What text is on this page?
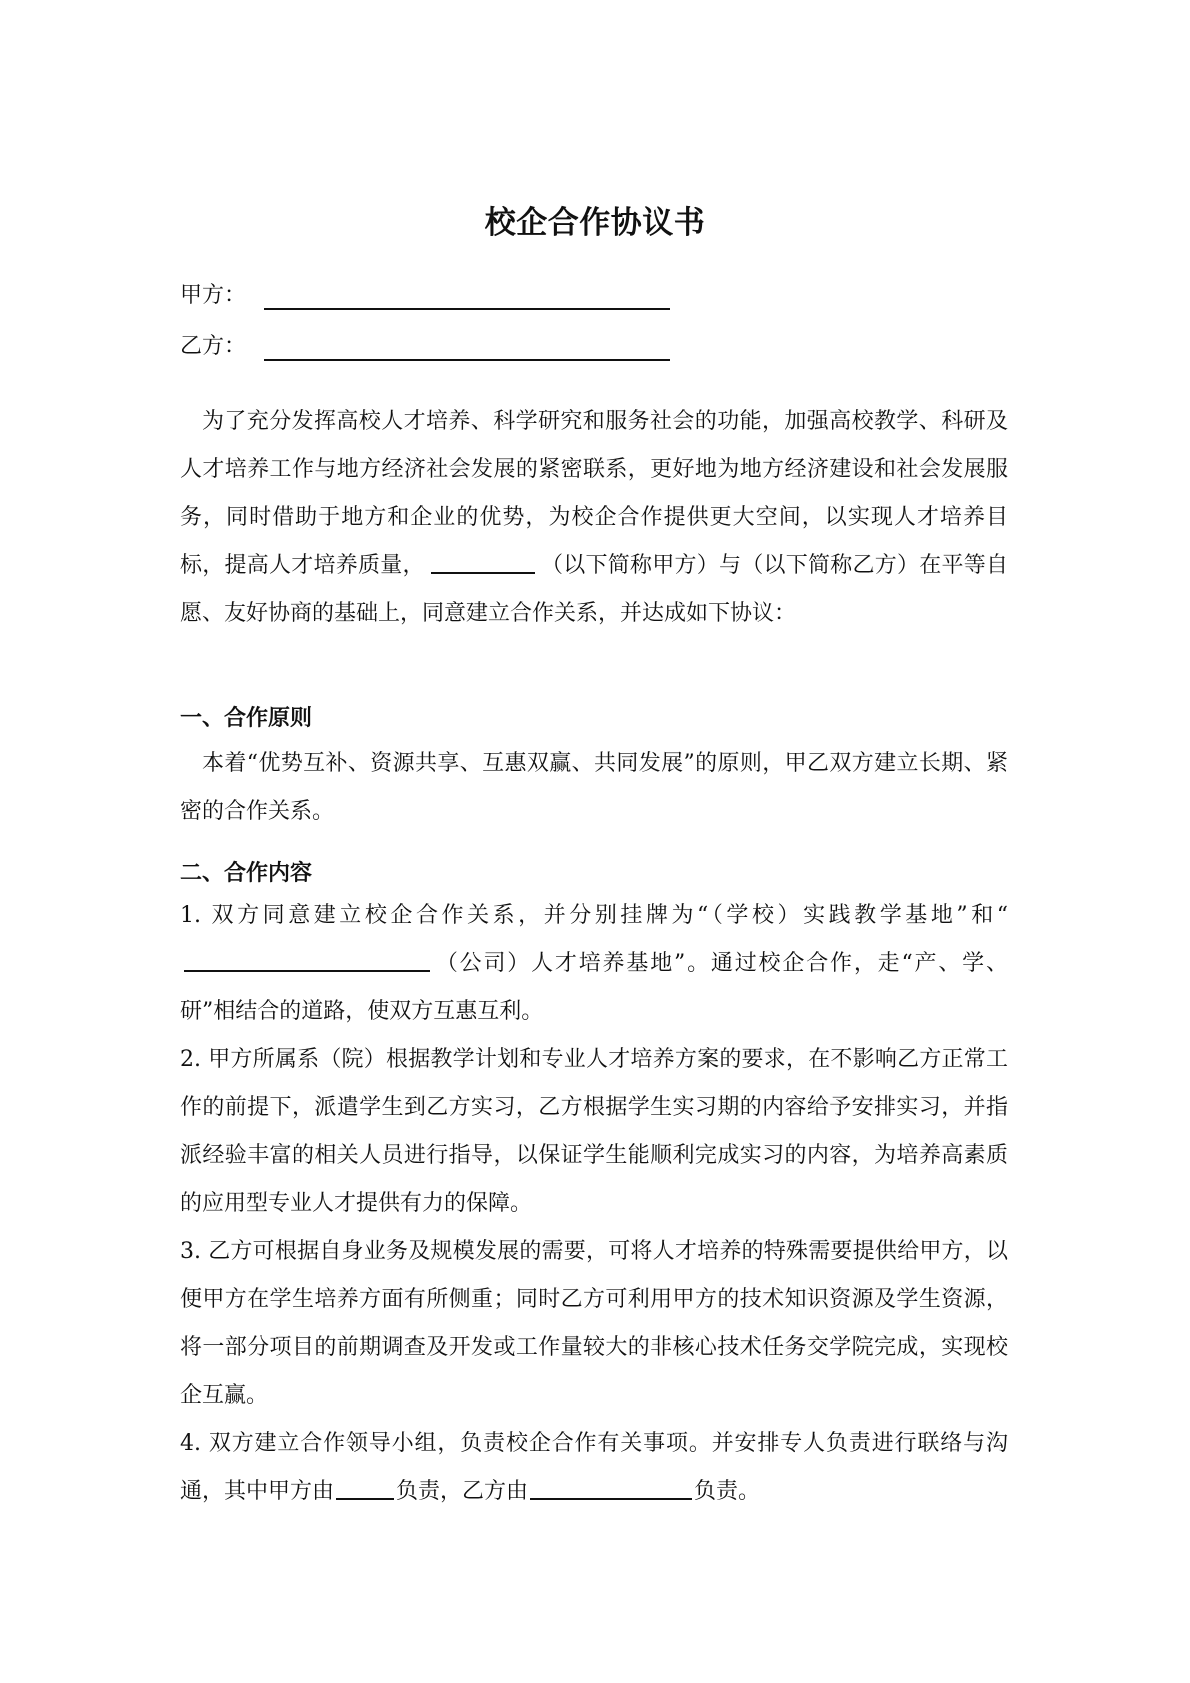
校企合作协议书
甲方：
乙方：
为了充分发挥高校人才培养、科学研究和服务社会的功能，加强高校教学、科研及人才培养工作与地方经济社会发展的紧密联系，更好地为地方经济建设和社会发展服务，同时借助于地方和企业的优势，为校企合作提供更大空间，以实现人才培养目标，提高人才培养质量，	（以下简称甲方）与（以下简称乙方）在平等自愿、友好协商的基础上，同意建立合作关系，并达成如下协议：
一、合作原则
本着“优势互补、资源共享、互惠双赢、共同发展”的原则，甲乙双方建立长期、紧密的合作关系。
二、合作内容

1. 双方同意建立校企合作关系，并分别挂牌为“（学校）实践教学基地”和“（公司）人才培养基地”。通过校企合作，走“产、学、研”相结合的道路，使双方互惠互利。

2. 甲方所属系（院）根据教学计划和专业人才培养方案的要求，在不影响乙方正常工作的前提下，派遣学生到乙方实习，乙方根据学生实习期的内容给予安排实习，并指派经验丰富的相关人员进行指导，以保证学生能顺利完成实习的内容，为培养高素质的应用型专业人才提供有力的保障。

3. 乙方可根据自身业务及规模发展的需要，可将人才培养的特殊需要提供给甲方，以便甲方在学生培养方面有所侧重；同时乙方可利用甲方的技术知识资源及学生资源，将一部分项目的前期调查及开发或工作量较大的非核心技术任务交学院完成，实现校企互赢。

4. 双方建立合作领导小组，负责校企合作有关事项。并安排专人负责进行联络与沟通，其中甲方由	负责，乙方由	负责。
